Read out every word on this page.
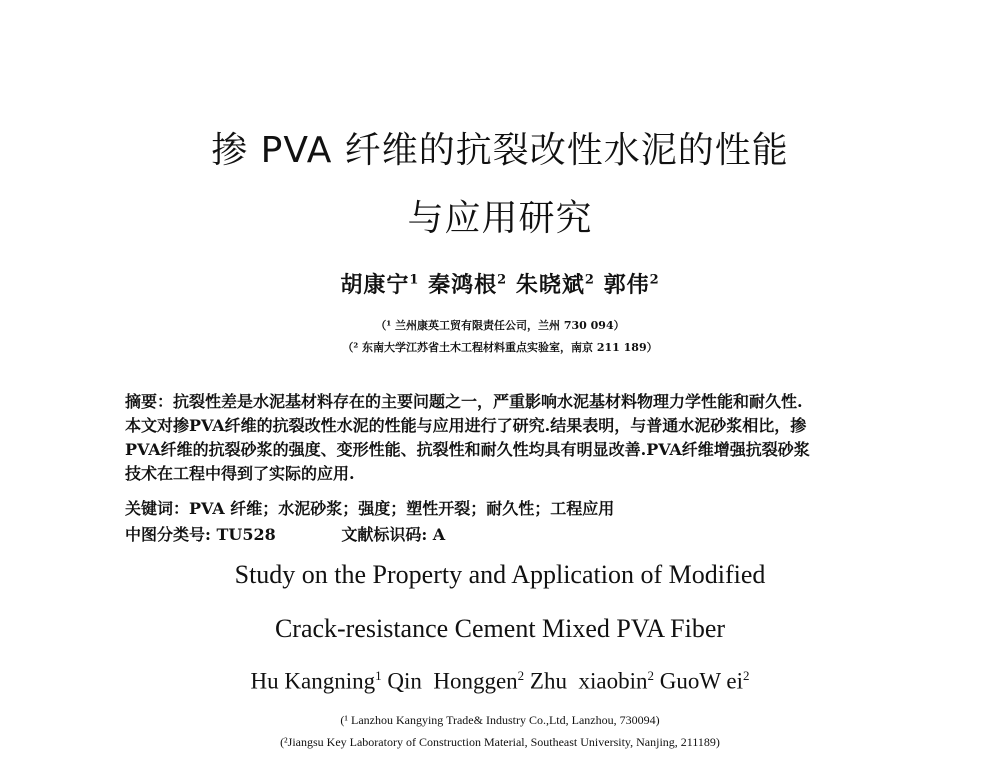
掺 PVA 纤维的抗裂改性水泥的性能
与应用研究
胡康宁$^1$ 秦鸿根$^2$ 朱晓斌$^2$ 郭伟$^2$
（¹ 兰州康英工贸有限责任公司，兰州 730 094）
（² 东南大学江苏省土木工程材料重点实验室，南京 211 189）
摘要：抗裂性差是水泥基材料存在的主要问题之一，严重影响水泥基材料物理力学性能和耐久性.
本文对掺PVA纤维的抗裂改性水泥的性能与应用进行了研究.结果表明，与普通水泥砂浆相比，掺
PVA纤维的抗裂砂浆的强度、变形性能、抗裂性和耐久性均具有明显改善.PVA纤维增强抗裂砂浆
技术在工程中得到了实际的应用.
关键词：PVA 纤维；水泥砂浆；强度；塑性开裂；耐久性；工程应用
中图分类号: TU528	文献标识码: A
Study on the Property and Application of Modified
Crack-resistance Cement Mixed PVA Fiber
Hu Kangning$^1$ Qin  Honggen$^2$ Zhu  xiaobin$^2$ GuoW $ei^2$
(¹ Lanzhou Kangying Trade& Industry Co.,Ltd, Lanzhou, 730094)
(²Jiangsu Key Laboratory of Construction Material, Southeast University, Nanjing, 211189)
